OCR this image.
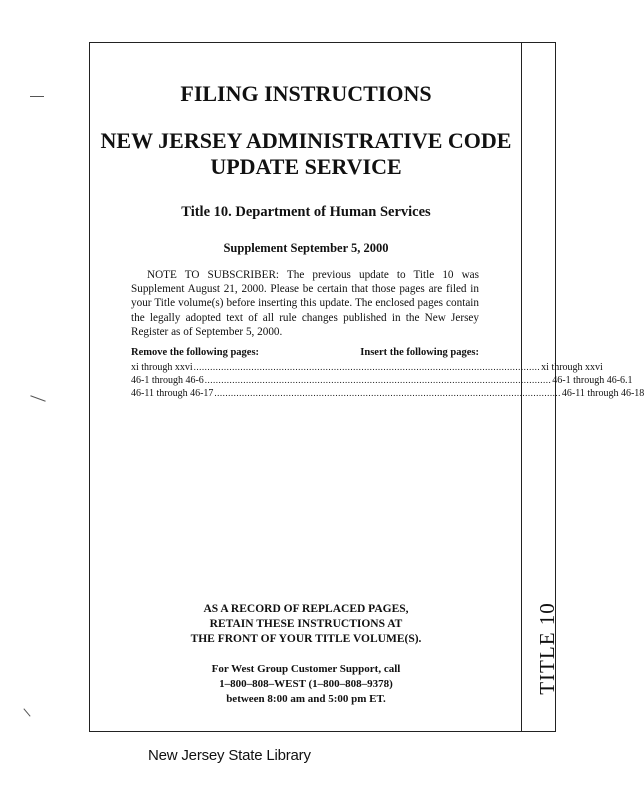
TITLE 10
FILING INSTRUCTIONS
NEW JERSEY ADMINISTRATIVE CODE
UPDATE SERVICE
Title 10. Department of Human Services
Supplement September 5, 2000
NOTE TO SUBSCRIBER: The previous update to Title 10 was Supplement August 21, 2000. Please be certain that those pages are filed in your Title volume(s) before inserting this update. The enclosed pages contain the legally adopted text of all rule changes published in the New Jersey Register as of September 5, 2000.
Remove the following pages:	Insert the following pages:
xi through xxvi .............................................................................................................................. xi through xxvi
46-1 through 46-6 .............................................................................................................................. 46-1 through 46-6.1
46-11 through 46-17 .............................................................................................................................. 46-11 through 46-18
AS A RECORD OF REPLACED PAGES,
RETAIN THESE INSTRUCTIONS AT
THE FRONT OF YOUR TITLE VOLUME(S).
For West Group Customer Support, call
1–800–808–WEST (1–800–808–9378)
between 8:00 am and 5:00 pm ET.
New Jersey State Library
